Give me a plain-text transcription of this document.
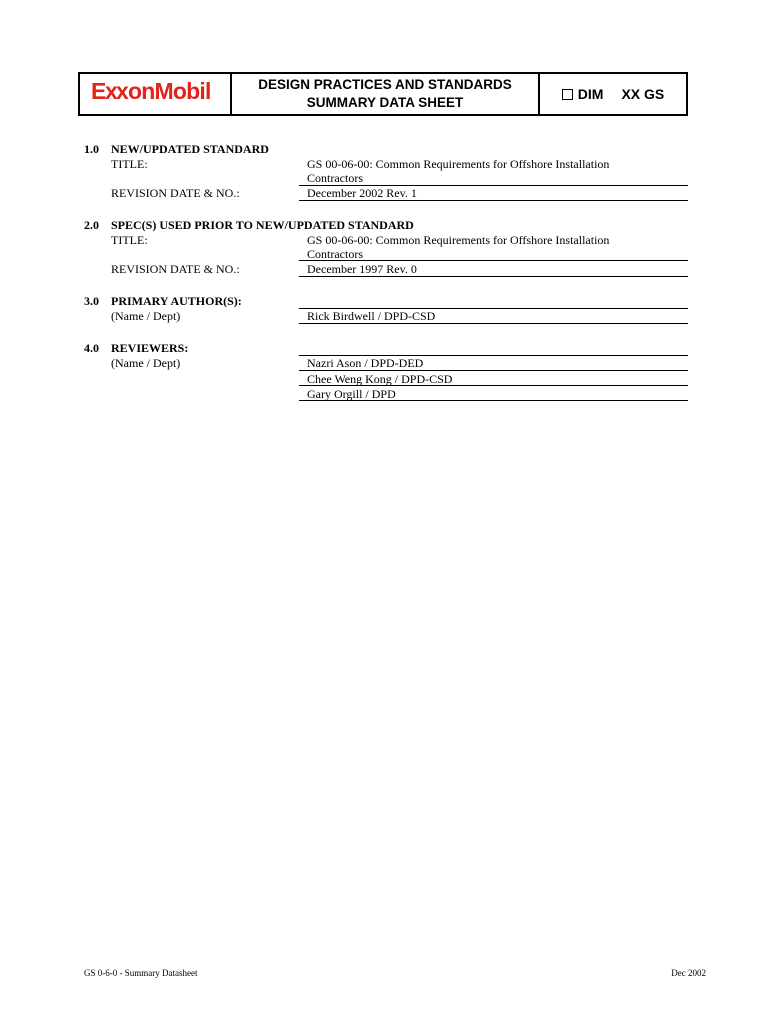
E x x onMobil	DESIGN PRACTICES AND STANDARDS
SUMMARY DATA SHEET
DIM XX GS
1.0 NEW/UPDATED STANDARD
TITLE:	GS 00-06-00: Common Requirements for Offshore Installation
Contractors
REVISION DATE & NO.:	December 2002 Rev. 1
2.0 SPEC(S) USED PRIOR TO NEW/UPDATED STANDARD
TITLE:	GS 00-06-00: Common Requirements for Offshore Installation
Contractors
REVISION DATE & NO.:	December 1997 Rev. 0
3.0 PRIMARY AUTHOR(S):
(Name / Dept)	Rick Birdwell / DPD-CSD
4.0 REVIEWERS:
(Name / Dept)	Nazri Ason / DPD-DED
Chee Weng Kong / DPD-CSD
Gary Orgill / DPD
GS 0-6-0 - Summary Datasheet	Dec 2002
